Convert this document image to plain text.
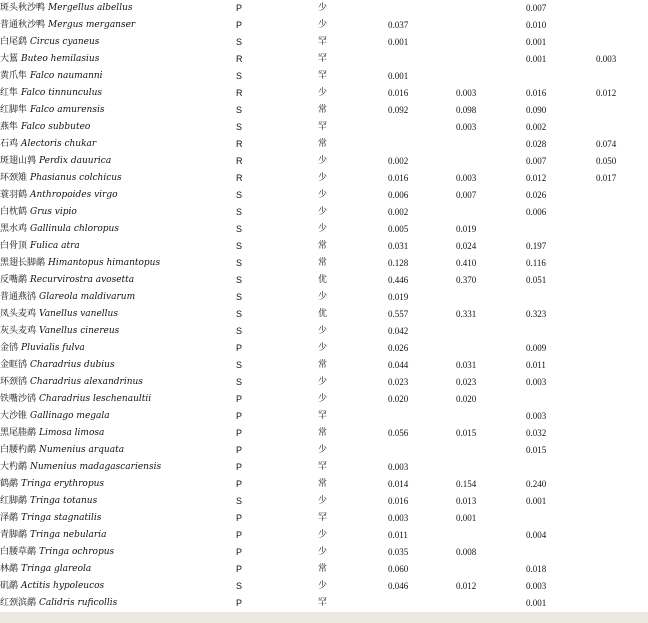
斑头秋沙鸭 Mergellus albellus	P	少			0.007	
普通秋沙鸭 Mergus merganser	P	少	0.037		0.010	
白尾鹞 Circus cyaneus	S	罕	0.001		0.001	
大鵟 Buteo hemilasius	R	罕			0.001	0.003
黄爪隼 Falco naumanni	S	罕	0.001			
红隼 Falco tinnunculus	R	少	0.016	0.003	0.016	0.012
红脚隼 Falco amurensis	S	常	0.092	0.098	0.090	
燕隼 Falco subbuteo	S	罕		0.003	0.002	
石鸡 Alectoris chukar	R	常			0.028	0.074
斑翅山鹑 Perdix dauurica	R	少	0.002		0.007	0.050
环颈雉 Phasianus colchicus	R	少	0.016	0.003	0.012	0.017
蓑羽鹤 Anthropoides virgo	S	少	0.006	0.007	0.026	
白枕鹤 Grus vipio	S	少	0.002		0.006	
黑水鸡 Gallinula chloropus	S	少	0.005	0.019		
白骨顶 Fulica atra	S	常	0.031	0.024	0.197	
黑翅长脚鹬 Himantopus himantopus	S	常	0.128	0.410	0.116	
反嘴鹬 Recurvirostra avosetta	S	优	0.446	0.370	0.051	
普通燕鸻 Glareola maldivarum	S	少	0.019			
凤头麦鸡 Vanellus vanellus	S	优	0.557	0.331	0.323	
灰头麦鸡 Vanellus cinereus	S	少	0.042			
金鸻 Pluvialis fulva	P	少	0.026		0.009	
金眶鸻 Charadrius dubius	S	常	0.044	0.031	0.011	
环颈鸻 Charadrius alexandrinus	S	少	0.023	0.023	0.003	
铁嘴沙鸻 Charadrius leschenaultii	P	少	0.020	0.020		
大沙锥 Gallinago megala	P	罕			0.003	
黑尾塍鹬 Limosa limosa	P	常	0.056	0.015	0.032	
白腰杓鹬 Numenius arquata	P	少			0.015	
大杓鹬 Numenius madagascariensis	P	罕	0.003			
鹤鹬 Tringa erythropus	P	常	0.014	0.154	0.240	
红脚鹬 Tringa totanus	S	少	0.016	0.013	0.001	
泽鹬 Tringa stagnatilis	P	罕	0.003	0.001		
青脚鹬 Tringa nebularia	P	少	0.011		0.004	
白腰草鹬 Tringa ochropus	P	少	0.035	0.008		
林鹬 Tringa glareola	P	常	0.060		0.018	
矶鹬 Actitis hypoleucos	S	少	0.046	0.012	0.003	
红颈滨鹬 Calidris ruficollis	P	罕			0.001	
